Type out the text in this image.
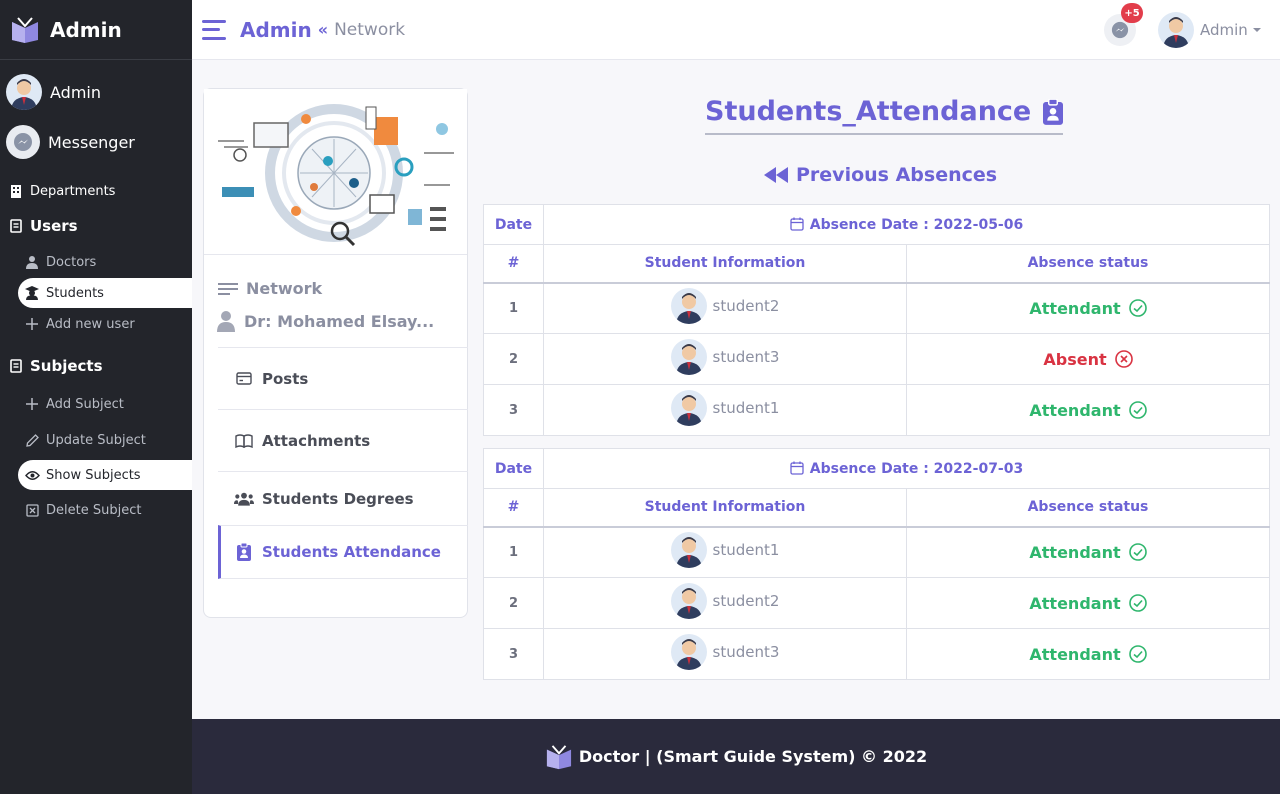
Admin
Admin
Messenger
Departments
Users
Doctors
Students
Add new user
Subjects
Add Subject
Update Subject
Show Subjects
Delete Subject
Admin « Network
+5
Admin
Network
Dr: Mohamed Elsay...
Posts
Attachments
Students Degrees
Students Attendance
Students_Attendance
Previous Absences
Date	Absence Date : 2022-05-06	
#	Student Information	Absence status
1	student2	Attendant

2	student3	Absent

3	student1	Attendant
Date	Absence Date : 2022-07-03	
#	Student Information	Absence status
1	student1	Attendant

2	student2	Attendant

3	student3	Attendant
Doctor | (Smart Guide System) © 2022
